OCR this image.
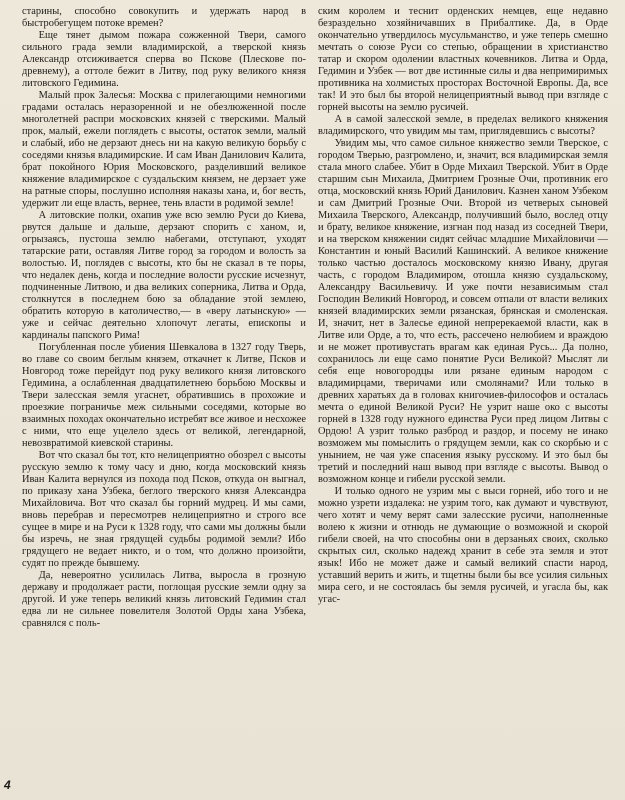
старины, способно совокупить и удержать народ в быстробегущем потоке времен?

Еще тянет дымом пожара сожженной Твери, самого сильного града земли владимирской, а тверской князь Александр отсиживается сперва во Пскове (Плескове по-древнему), а оттоле бежит в Литву, под руку великого князя литовского Гедимина.

Малый прок Залесья: Москва с прилегающими немногими градами осталась неразоренной и не обезлюженной после многолетней распри московских князей с тверскими. Малый прок, малый, ежели поглядеть с высоты, остаток земли, малый и слабый, ибо не дерзают днесь ни на какую великую борьбу с соседями князья владимирские. И сам Иван Данилович Калита, брат покойного Юрия Московского, разделивший великое княжение владимирское с суздальским князем, не дерзает уже на ратные споры, послушно исполняя наказы хана, и, бог весть, удержит ли еще власть, вернее, тень власти в родимой земле!

А литовские полки, охапив уже всю землю Руси до Киева, рвутся дальше и дальше, дерзают спорить с ханом, и, огрызаясь, пустоша землю набегами, отступают, уходят татарские рати, оставляя Литве город за городом и волость за волостью. И, поглядев с высоты, кто бы не сказал в те поры, что недалек день, когда и последние волости русские исчезнут, подчиненные Литвою, и два великих соперника, Литва и Орда, столкнутся в последнем бою за обладание этой землею, обратить которую в католичество,— в «веру латынскую» — уже и сейчас деятельно хлопочут легаты, епископы и кардиналы папского Рима!

Погубленная после убиения Шевкалова в 1327 году Тверь, во главе со своим беглым князем, откачнет к Литве, Псков и Новгород тоже перейдут под руку великого князя литовского Гедимина, а ослабленная двадцатилетнею борьбою Москвы и Твери залесская земля угаснет, обратившись в прохожие и проезжие пограничье меж сильными соседями, которые во взаимных походах окончательно истребят все живое и несхожее с ними, что еще уцелело здесь от великой, легендарной, невозвратимой киевской старины.

Вот что сказал бы тот, кто нелицеприятно обозрел с высоты русскую землю к тому часу и дню, когда московский князь Иван Калита вернулся из похода под Псков, откуда он выгнал, по приказу хана Узбека, беглого тверского князя Александра Михайловича. Вот что сказал бы горний мудрец. И мы сами, вновь перебрав и пересмотрев нелицеприятно и строго все сущее в мире и на Руси к 1328 году, что сами мы должны были бы изречь, не зная грядущей судьбы родимой земли? Ибо грядущего не ведает никто, и о том, что должно произойти, судят по прежде бывшему.

Да, невероятно усилилась Литва, выросла в грозную державу и продолжает расти, поглощая русские земли одну за другой. И уже теперь великий князь литовский Гедимин стал едва ли не сильнее повелителя Золотой Орды хана Узбека, сравнялся с поль-

ским королем и теснит орденских немцев, еще недавно безраздельно хозяйничавших в Прибалтике. Да, в Орде окончательно утвердилось мусульманство, и уже теперь смешно мечтать о союзе Руси со степью, обращении в христианство татар и скором одолении властных кочевников. Литва и Орда, Гедимин и Узбек — вот две истинные силы и два непримиримых противника на холмистых просторах Восточной Европы. Да, все так! И это был бы второй нелицеприятный вывод при взгляде с горней высоты на землю русичей.

А в самой залесской земле, в пределах великого княжения владимирского, что увидим мы там, приглядевшись с высоты?

Увидим мы, что самое сильное княжество земли Тверское, с городом Тверью, разгромлено, и, значит, вся владимирская земля стала много слабее. Убит в Орде Михаил Тверской. Убит в Орде старшим сын Михаила, Дмитрием Грозные Очи, противник его отца, московский князь Юрий Данилович. Казнен ханом Узбеком и сам Дмитрий Грозные Очи. Второй из четверых сыновей Михаила Тверского, Александр, получивший было, вослед отцу и брату, великое княжение, изгнан под назад из соседней Твери, и на тверском княжении сидят сейчас младшие Михайловичи — Константин и юный Василий Кашинский. А великое княжение только частью досталось московскому князю Ивану, другая часть, с городом Владимиром, отошла князю суздальскому, Александру Васильевичу. И уже почти независимым стал Господин Великий Новгород, и совсем отпали от власти великих князей владимирских земли рязанская, брянская и смоленская. И, значит, нет в Залесье единой непререкаемой власти, как в Литве или Орде, а то, что есть, рассечено нелюбием и враждою и не может противустать врагам как единая Русь... Да полно, сохранилось ли еще само понятие Руси Великой? Мыслят ли себя еще новогородцы или рязане единым народом с владимирцами, тверичами или смолянами? Или только в древних харатьях да в головах книгочиев-философов и осталась мечта о единой Великой Руси? Не узрит наше око с высоты горней в 1328 году нужного единства Руси пред лицом Литвы с Ордою! А узрит только разброд и раздор, и посему не инако возможем мы помыслить о грядущем земли, как со скорбью и с унынием, не чая уже спасения языку русскому. И это был бы третий и последний наш вывод при взгляде с высоты. Вывод о возможном конце и гибели русской земли.

И только одного не узрим мы с выси горней, ибо того и не можно узрети издалека: не узрим того, как думают и чувствуют, чего хотят и чему верят сами залесские русичи, наполненные волею к жизни и отнюдь не думающие о возможной и скорой гибели своей, на что способны они в дерзаньях своих, сколько скрытых сил, сколько надежд хранит в себе эта земля и этот язык! Ибо не может даже и самый великий спасти народ, уставший верить и жить, и тщетны были бы все усилия сильных мира сего, и не состоялась бы земля русичей, и угасла бы, как угас-

4
